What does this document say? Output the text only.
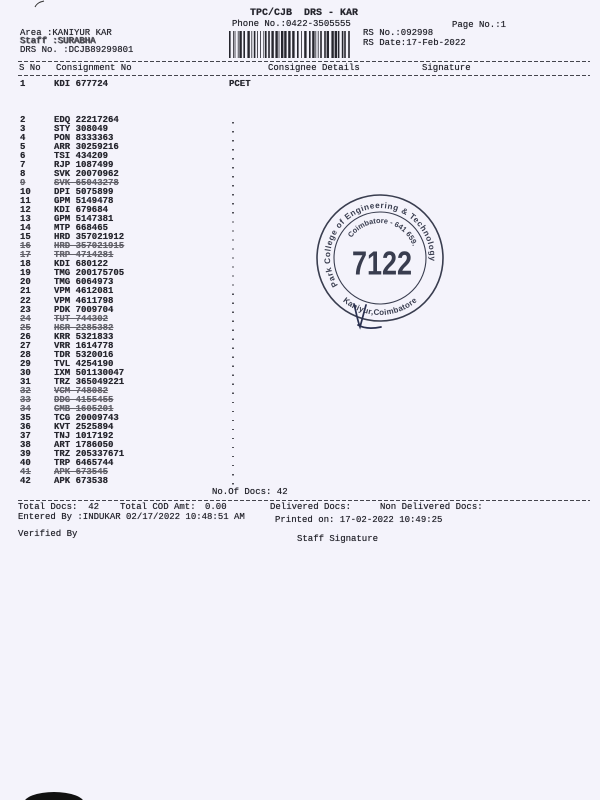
TPC/CJB  DRS - KAR
Phone No.:0422-3505555	Page No.:1
Area :KANIYUR KAR
Staff :SURABHA
DRS No. :DCJB89299801
RS No.:092998
RS Date:17-Feb-2022
S No Consignment No	Consignee Details	Signature
1	KDI 677724	PCET
2	EDQ 22217264
3	STY 308049
4	PON 8333363
5	ARR 30259216
6	TSI 434209
7	RJP 1087499
8	SVK 20070962
9	SVK 65043278
10	DPI 5075899
11	GPM 5149478
12	KDI 679684
13	GPM 5147381
14	MTP 668465
15	HRD 357021912
16	HRD 357021915
17	TRP 4714281
18	KDI 680122
19	TMG 200175705
20	TMG 6064973
21	VPM 4612081
22	VPM 4611798
23	PDK 7009704
24	TUT 744302
25	HSR 2285382
26	KRR 5321833
27	VRR 1614778
28	TDR 5320016
29	TVL 4254190
30	IXM 501130047
31	TRZ 365049221
32	VCM 748082
33	DDG 4155455
34	CMB 1605201
35	TCG 20009743
36	KVT 2525894
37	TNJ 1017192
38	ART 1786050
39	TRZ 205337671
40	TRP 6465744
41	APK 673545
42	APK 673538
No.Of Docs: 42
Total Docs:  42 Total COD Amt: 0.00	Delivered Docs:	Non Delivered Docs:
Entered By :INDUKAR 02/17/2022 10:48:51 AM	Printed on: 17-02-2022 10:49:25
Verified By	Staff Signature
Park College of Engineering & Technology
Coimbatore - 641 659.
Kaniyur,Coimbatore
7122
